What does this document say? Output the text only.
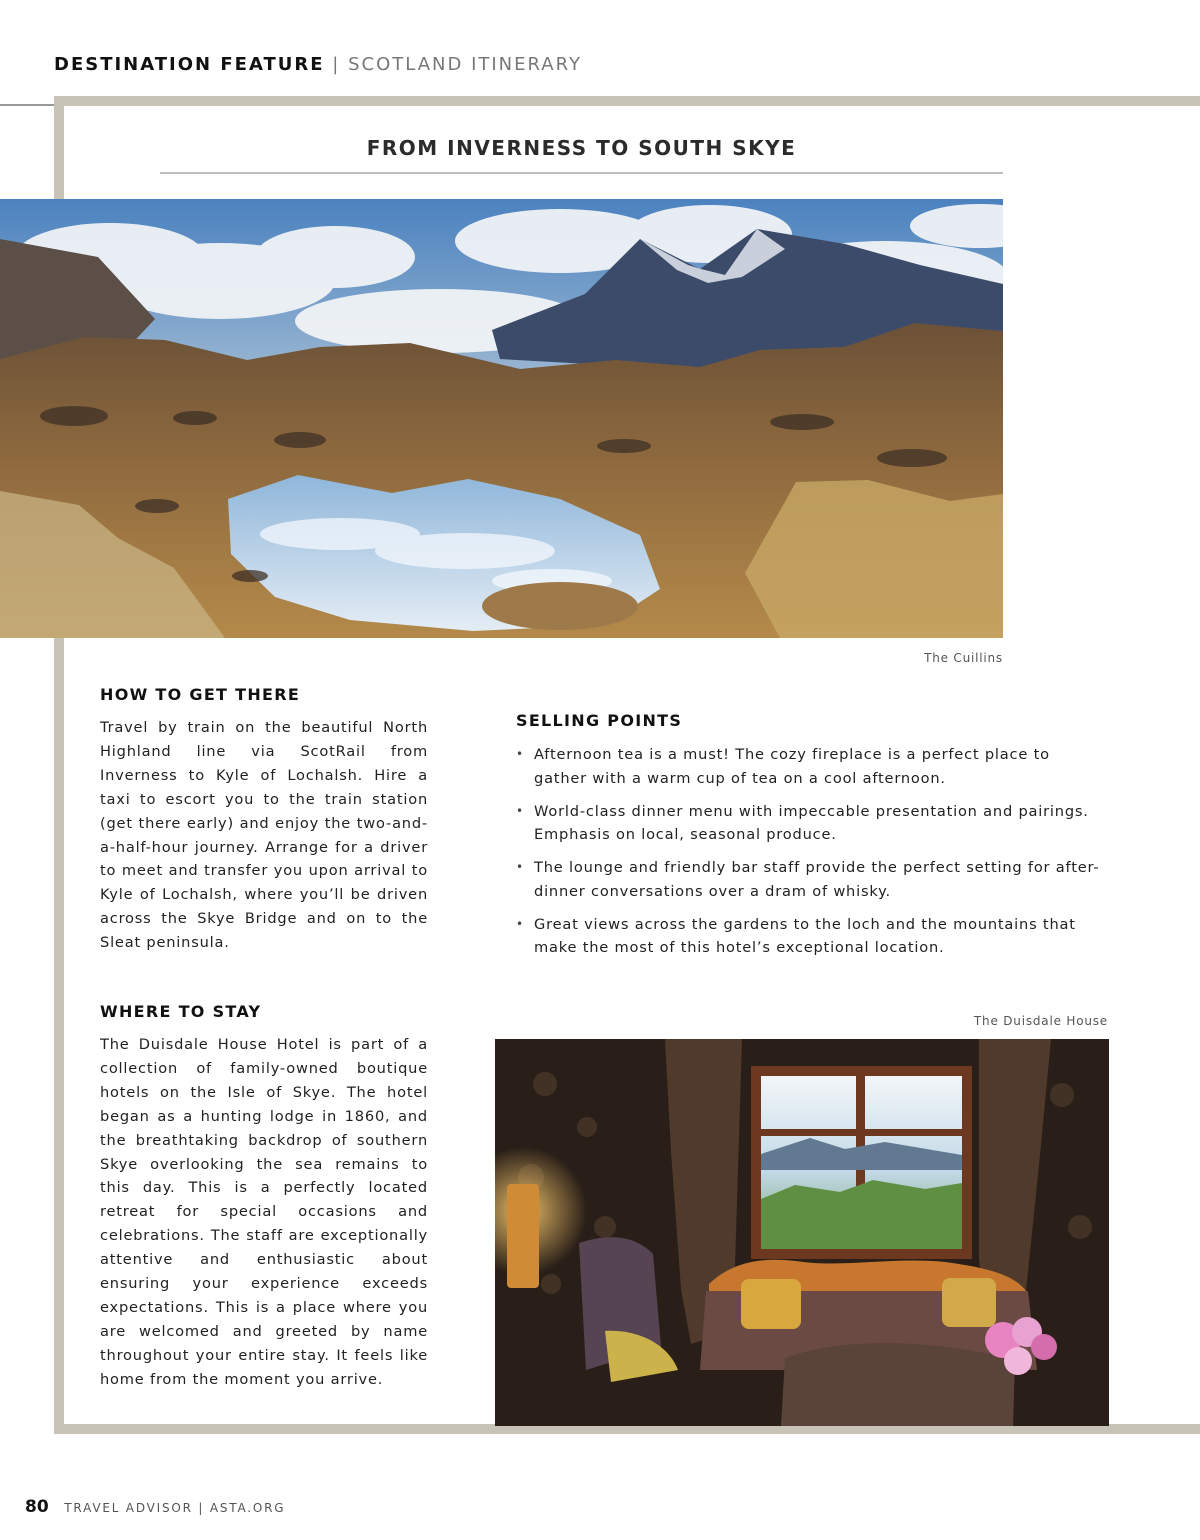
DESTINATION FEATURE | SCOTLAND ITINERARY
FROM INVERNESS TO SOUTH SKYE
The Cuillins
HOW TO GET THERE
Travel by train on the beautiful North Highland line via ScotRail from Inverness to Kyle of Lochalsh. Hire a taxi to escort you to the train station (get there early) and enjoy the two-and-a-half-hour journey. Arrange for a driver to meet and transfer you upon arrival to Kyle of Lochalsh, where you’ll be driven across the Skye Bridge and on to the Sleat peninsula.
SELLING POINTS
• Afternoon tea is a must! The cozy fireplace is a perfect place to gather with a warm cup of tea on a cool afternoon.
• World-class dinner menu with impeccable presentation and pairings. Emphasis on local, seasonal produce.
• The lounge and friendly bar staff provide the perfect setting for after-dinner conversations over a dram of whisky.
• Great views across the gardens to the loch and the mountains that make the most of this hotel’s exceptional location.
WHERE TO STAY
The Duisdale House Hotel is part of a collection of family-owned boutique hotels on the Isle of Skye. The hotel began as a hunting lodge in 1860, and the breathtaking backdrop of southern Skye overlooking the sea remains to this day. This is a perfectly located retreat for special occasions and celebrations. The staff are exceptionally attentive and enthusiastic about ensuring your experience exceeds expectations. This is a place where you are welcomed and greeted by name throughout your entire stay. It feels like home from the moment you arrive.
The Duisdale House
80 TRAVEL ADVISOR | ASTA.ORG
